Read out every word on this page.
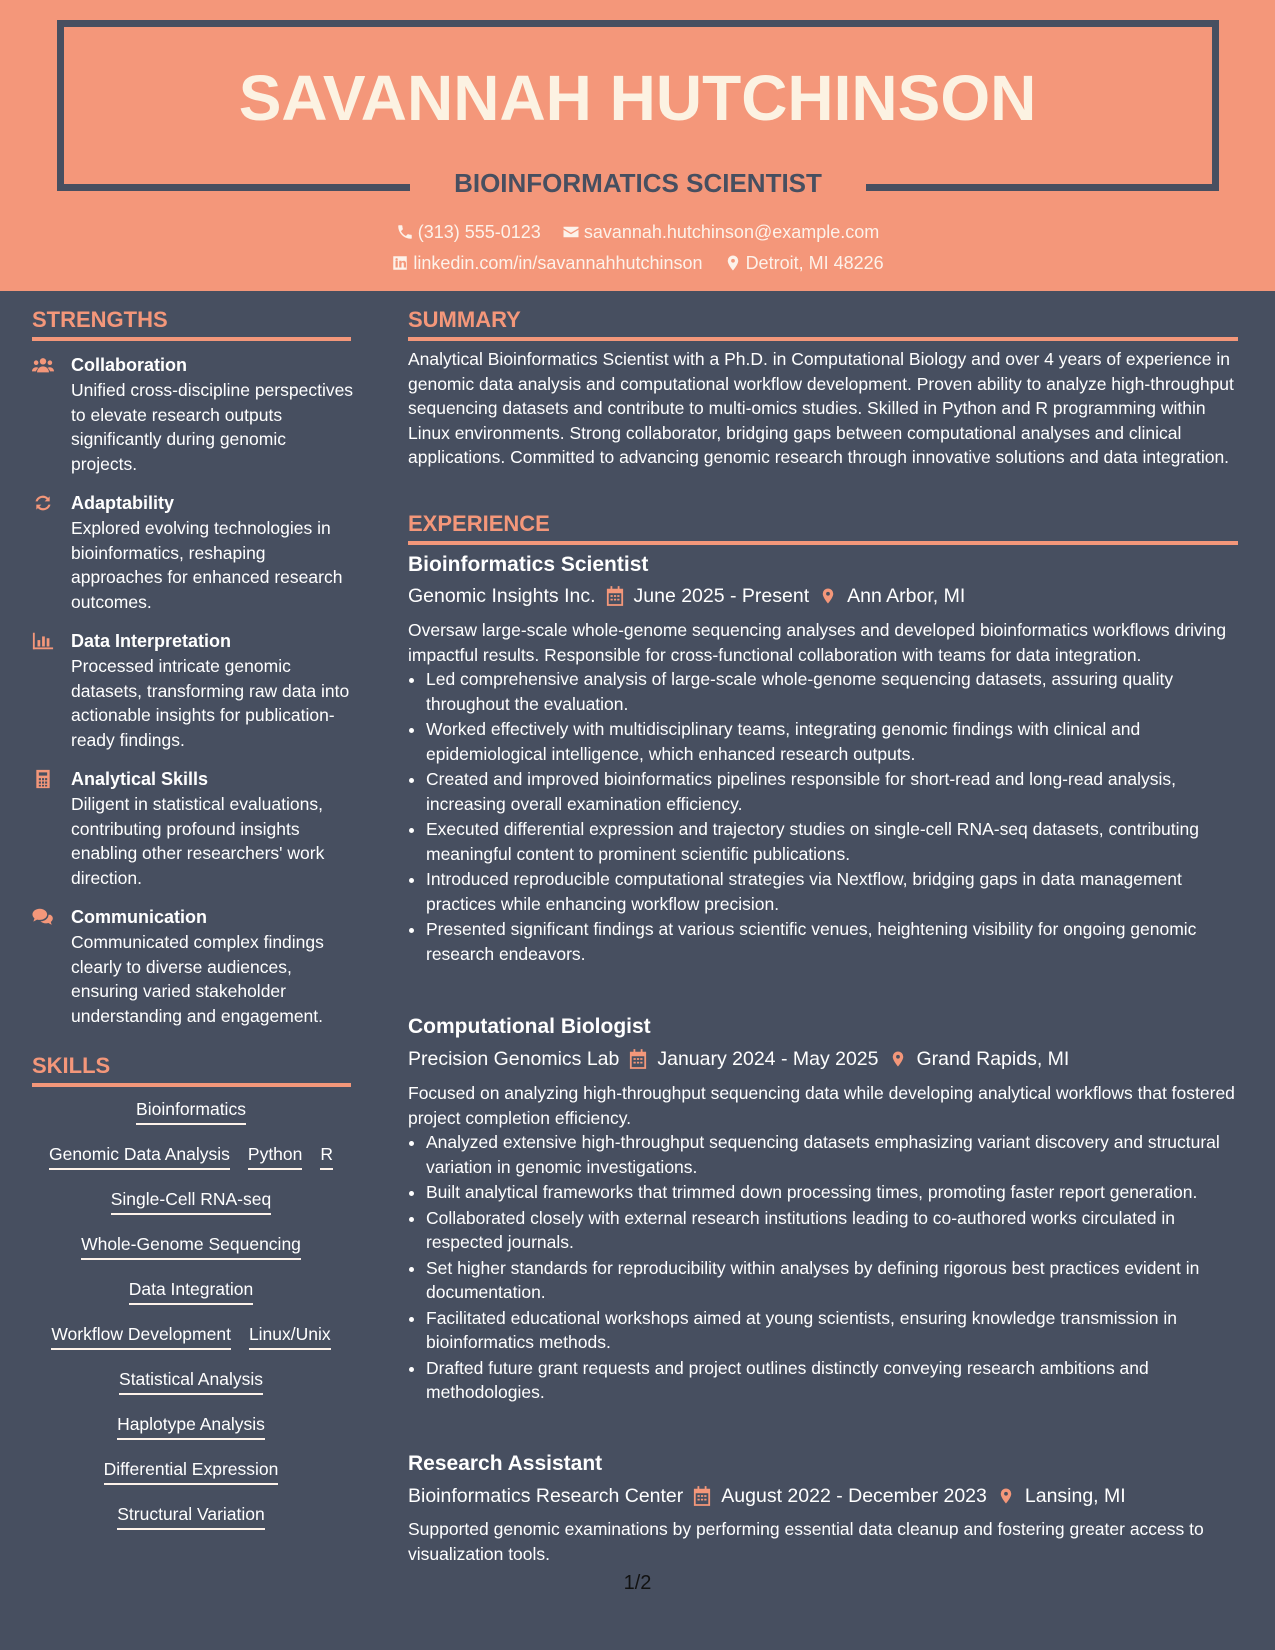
SAVANNAH HUTCHINSON
BIOINFORMATICS SCIENTIST
(313) 555-0123
savannah.hutchinson@example.com
linkedin.com/in/savannahhutchinson
Detroit, MI 48226
STRENGTHS
Collaboration
Unified cross-discipline perspectives to elevate research outputs significantly during genomic projects.
Adaptability
Explored evolving technologies in bioinformatics, reshaping approaches for enhanced research outcomes.
Data Interpretation
Processed intricate genomic datasets, transforming raw data into actionable insights for publication-ready findings.
Analytical Skills
Diligent in statistical evaluations, contributing profound insights enabling other researchers' work direction.
Communication
Communicated complex findings clearly to diverse audiences, ensuring varied stakeholder understanding and engagement.
SKILLS
Bioinformatics
Genomic Data Analysis Python R
Single-Cell RNA-seq
Whole-Genome Sequencing
Data Integration
Workflow Development Linux/Unix
Statistical Analysis
Haplotype Analysis
Differential Expression
Structural Variation
SUMMARY
Analytical Bioinformatics Scientist with a Ph.D. in Computational Biology and over 4 years of experience in genomic data analysis and computational workflow development. Proven ability to analyze high-throughput sequencing datasets and contribute to multi-omics studies. Skilled in Python and R programming within Linux environments. Strong collaborator, bridging gaps between computational analyses and clinical applications. Committed to advancing genomic research through innovative solutions and data integration.
EXPERIENCE
Bioinformatics Scientist
Genomic Insights Inc. June 2025 - Present Ann Arbor, MI
Oversaw large-scale whole-genome sequencing analyses and developed bioinformatics workflows driving impactful results. Responsible for cross-functional collaboration with teams for data integration.
• Led comprehensive analysis of large-scale whole-genome sequencing datasets, assuring quality throughout the evaluation.
• Worked effectively with multidisciplinary teams, integrating genomic findings with clinical and epidemiological intelligence, which enhanced research outputs.
• Created and improved bioinformatics pipelines responsible for short-read and long-read analysis, increasing overall examination efficiency.
• Executed differential expression and trajectory studies on single-cell RNA-seq datasets, contributing meaningful content to prominent scientific publications.
• Introduced reproducible computational strategies via Nextflow, bridging gaps in data management practices while enhancing workflow precision.
• Presented significant findings at various scientific venues, heightening visibility for ongoing genomic research endeavors.
Computational Biologist
Precision Genomics Lab January 2024 - May 2025 Grand Rapids, MI
Focused on analyzing high-throughput sequencing data while developing analytical workflows that fostered project completion efficiency.
• Analyzed extensive high-throughput sequencing datasets emphasizing variant discovery and structural variation in genomic investigations.
• Built analytical frameworks that trimmed down processing times, promoting faster report generation.
• Collaborated closely with external research institutions leading to co-authored works circulated in respected journals.
• Set higher standards for reproducibility within analyses by defining rigorous best practices evident in documentation.
• Facilitated educational workshops aimed at young scientists, ensuring knowledge transmission in bioinformatics methods.
• Drafted future grant requests and project outlines distinctly conveying research ambitions and methodologies.
Research Assistant
Bioinformatics Research Center August 2022 - December 2023 Lansing, MI
Supported genomic examinations by performing essential data cleanup and fostering greater access to visualization tools.
1/2
